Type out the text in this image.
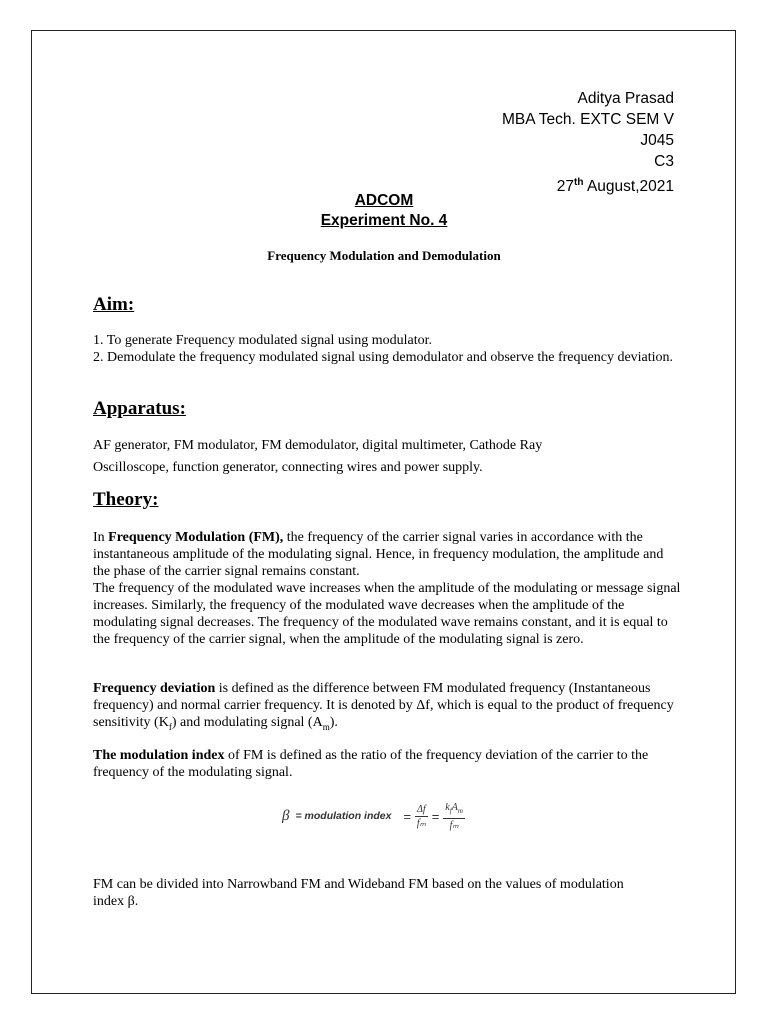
Aditya Prasad
MBA Tech. EXTC SEM V
J045
C3
27th August,2021
ADCOM
Experiment No. 4
Frequency Modulation and Demodulation
Aim:

1. To generate Frequency modulated signal using modulator.

2. Demodulate the frequency modulated signal using demodulator and observe the frequency deviation.

Apparatus:
AF generator, FM modulator, FM demodulator, digital multimeter, Cathode Ray Oscilloscope, function generator, connecting wires and power supply.
Theory:

In Frequency Modulation (FM), the frequency of the carrier signal varies in accordance with the instantaneous amplitude of the modulating signal. Hence, in frequency modulation, the amplitude and the phase of the carrier signal remains constant.

The frequency of the modulated wave increases when the amplitude of the modulating or message signal increases. Similarly, the frequency of the modulated wave decreases when the amplitude of the modulating signal decreases. The frequency of the modulated wave remains constant, and it is equal to the frequency of the carrier signal, when the amplitude of the modulating signal is zero.

Frequency deviation is defined as the difference between FM modulated frequency (Instantaneous frequency) and normal carrier frequency. It is denoted by Δf, which is equal to the product of frequency sensitivity $(K_f)$ and modulating signal $(A_m)$.

The modulation index of FM is defined as the ratio of the frequency deviation of the carrier to the frequency of the modulating signal.

β = modulation index = $\frac{\Delta f}{\text{fₘ}} = \frac{k_fA_m}{\text{fₘ}}$
FM can be divided into Narrowband FM and Wideband FM based on the values of modulation index β.
